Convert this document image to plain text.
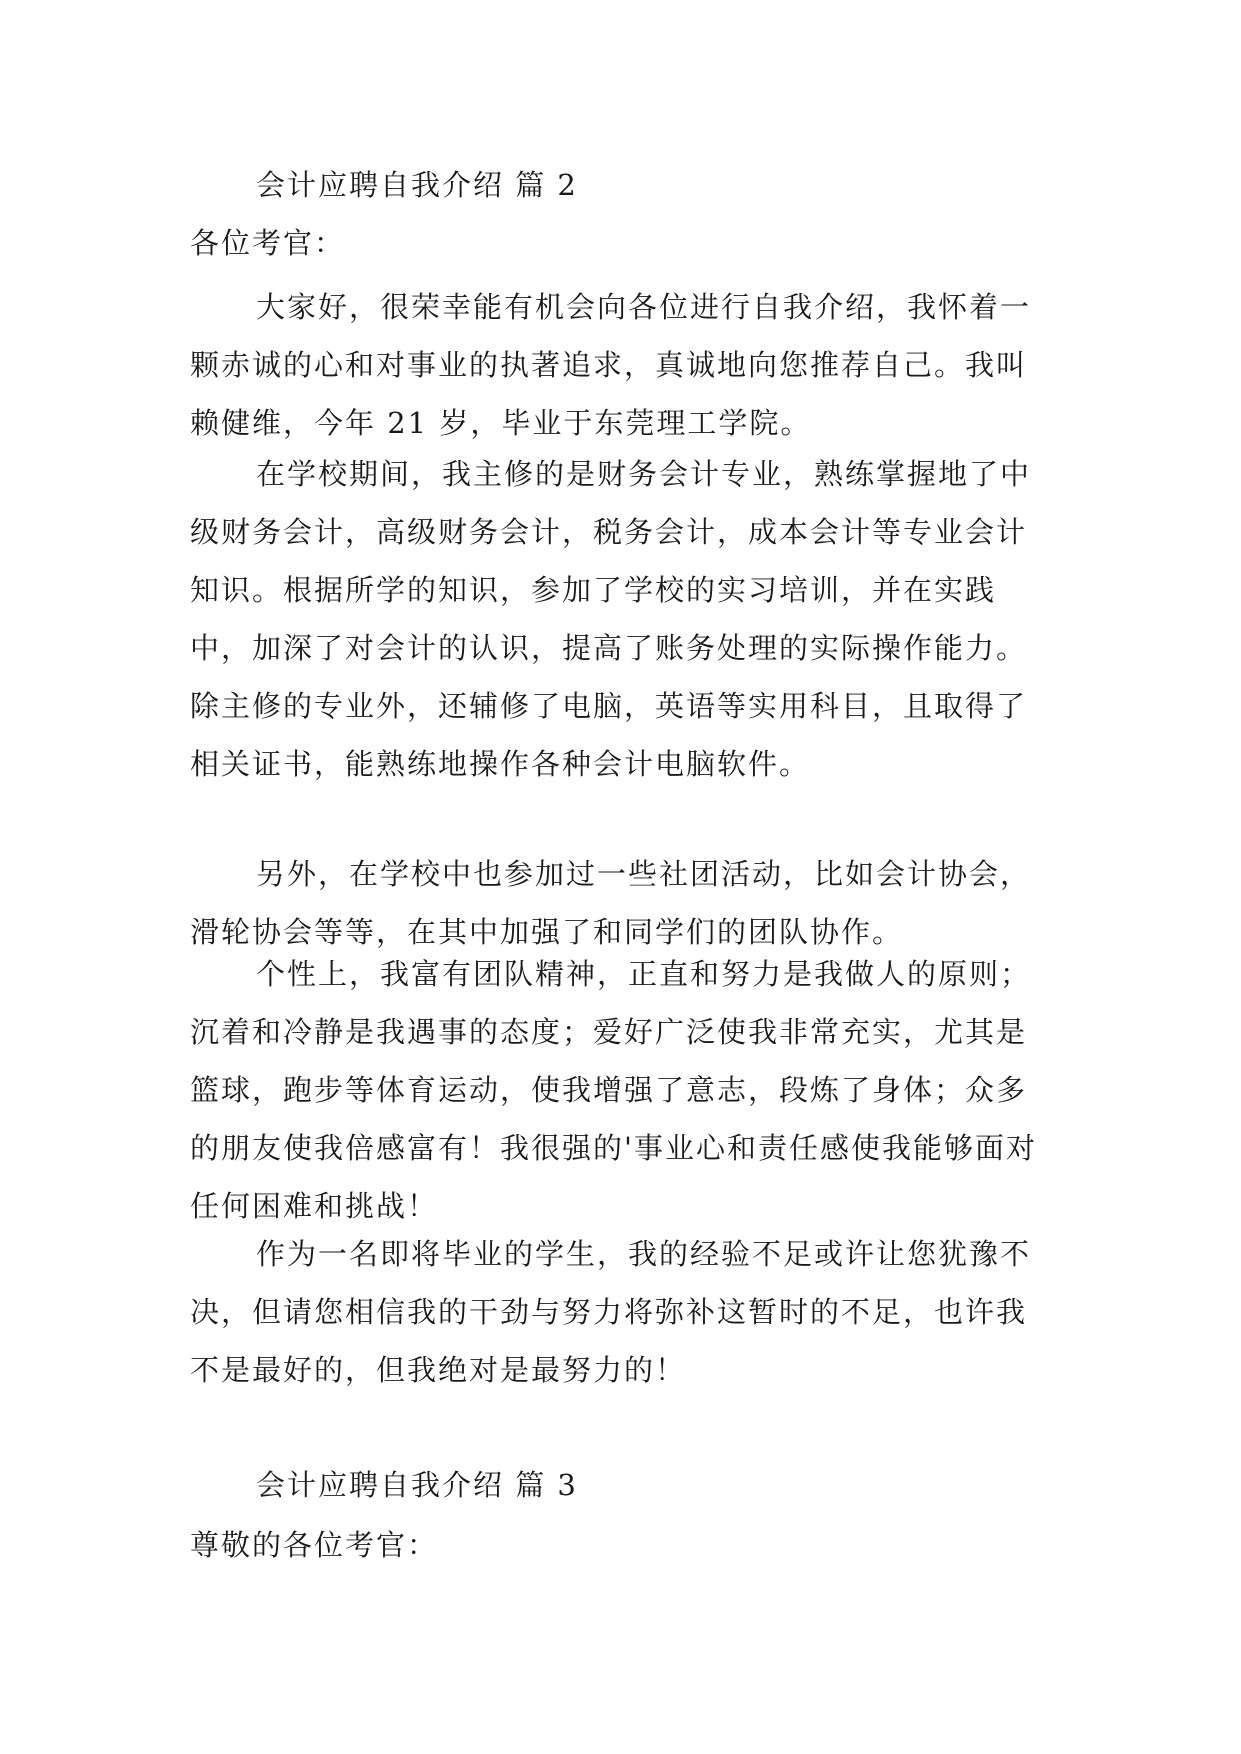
会计应聘自我介绍 篇 2

各位考官：

大家好，很荣幸能有机会向各位进行自我介绍，我怀着一颗赤诚的心和对事业的执著追求，真诚地向您推荐自己。我叫赖健维，今年 21 岁，毕业于东莞理工学院。

在学校期间，我主修的是财务会计专业，熟练掌握地了中级财务会计，高级财务会计，税务会计，成本会计等专业会计知识。根据所学的知识，参加了学校的实习培训，并在实践中，加深了对会计的认识，提高了账务处理的实际操作能力。除主修的专业外，还辅修了电脑，英语等实用科目，且取得了相关证书，能熟练地操作各种会计电脑软件。

另外，在学校中也参加过一些社团活动，比如会计协会，滑轮协会等等，在其中加强了和同学们的团队协作。

个性上，我富有团队精神，正直和努力是我做人的原则；沉着和冷静是我遇事的态度；爱好广泛使我非常充实，尤其是篮球，跑步等体育运动，使我增强了意志，段炼了身体；众多的朋友使我倍感富有！我很强的'事业心和责任感使我能够面对任何困难和挑战！

作为一名即将毕业的学生，我的经验不足或许让您犹豫不决，但请您相信我的干劲与努力将弥补这暂时的不足，也许我不是最好的，但我绝对是最努力的！

会计应聘自我介绍 篇 3

尊敬的各位考官：
